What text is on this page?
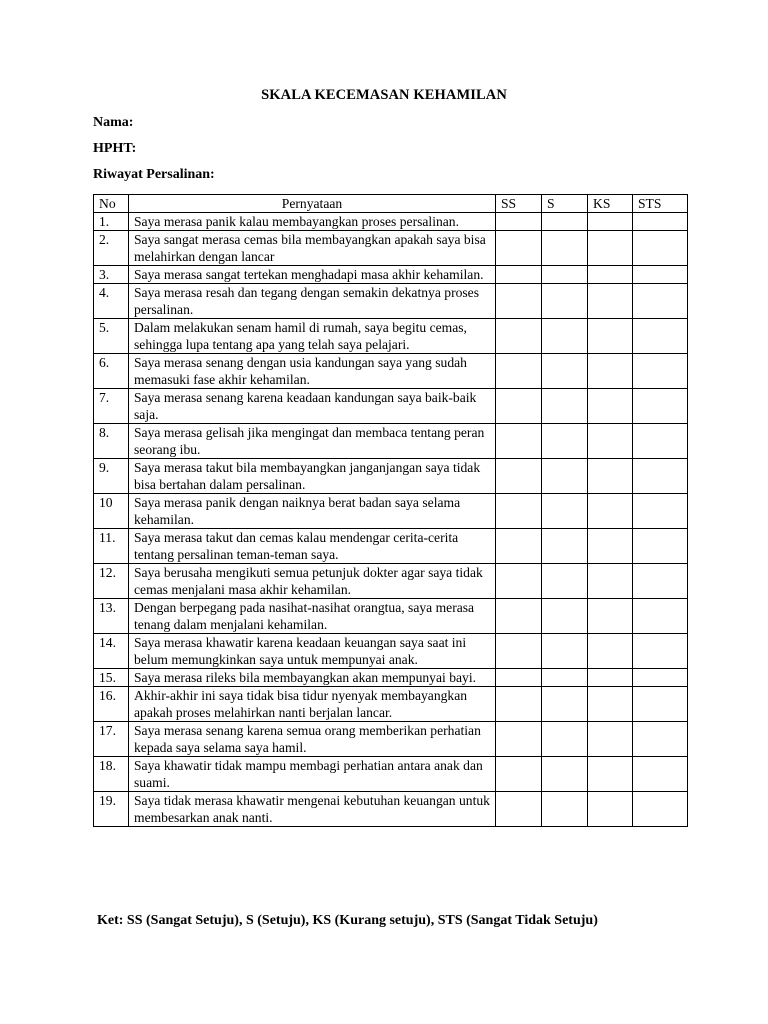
SKALA KECEMASAN KEHAMILAN
Nama:
HPHT:
Riwayat Persalinan:
No	Pernyataan	SS	S	KS	STS
1.	Saya merasa panik kalau membayangkan proses persalinan.				
2.	Saya sangat merasa cemas bila membayangkan apakah saya bisa melahirkan dengan lancar				
3.	Saya merasa sangat tertekan menghadapi masa akhir kehamilan.				
4.	Saya merasa resah dan tegang dengan semakin dekatnya proses persalinan.				
5.	Dalam melakukan senam hamil di rumah, saya begitu cemas, sehingga lupa tentang apa yang telah saya pelajari.				
6.	Saya merasa senang dengan usia kandungan saya yang sudah memasuki fase akhir kehamilan.				
7.	Saya merasa senang karena keadaan kandungan saya baik-baik saja.				
8.	Saya merasa gelisah jika mengingat dan membaca tentang peran seorang ibu.				
9.	Saya merasa takut bila membayangkan janganjangan saya tidak bisa bertahan dalam persalinan.				
10	Saya merasa panik dengan naiknya berat badan saya selama kehamilan.				
11.	Saya merasa takut dan cemas kalau mendengar cerita-cerita tentang persalinan teman-teman saya.				
12.	Saya berusaha mengikuti semua petunjuk dokter agar saya tidak cemas menjalani masa akhir kehamilan.				
13.	Dengan berpegang pada nasihat-nasihat orangtua, saya merasa tenang dalam menjalani kehamilan.				
14.	Saya merasa khawatir karena keadaan keuangan saya saat ini belum memungkinkan saya untuk mempunyai anak.				
15.	Saya merasa rileks bila membayangkan akan mempunyai bayi.				
16.	Akhir-akhir ini saya tidak bisa tidur nyenyak membayangkan apakah proses melahirkan nanti berjalan lancar.				
17.	Saya merasa senang karena semua orang memberikan perhatian kepada saya selama saya hamil.				
18.	Saya khawatir tidak mampu membagi perhatian antara anak dan suami.				
19.	Saya tidak merasa khawatir mengenai kebutuhan keuangan untuk membesarkan anak nanti.				
Ket: SS (Sangat Setuju), S (Setuju), KS (Kurang setuju), STS (Sangat Tidak Setuju)
